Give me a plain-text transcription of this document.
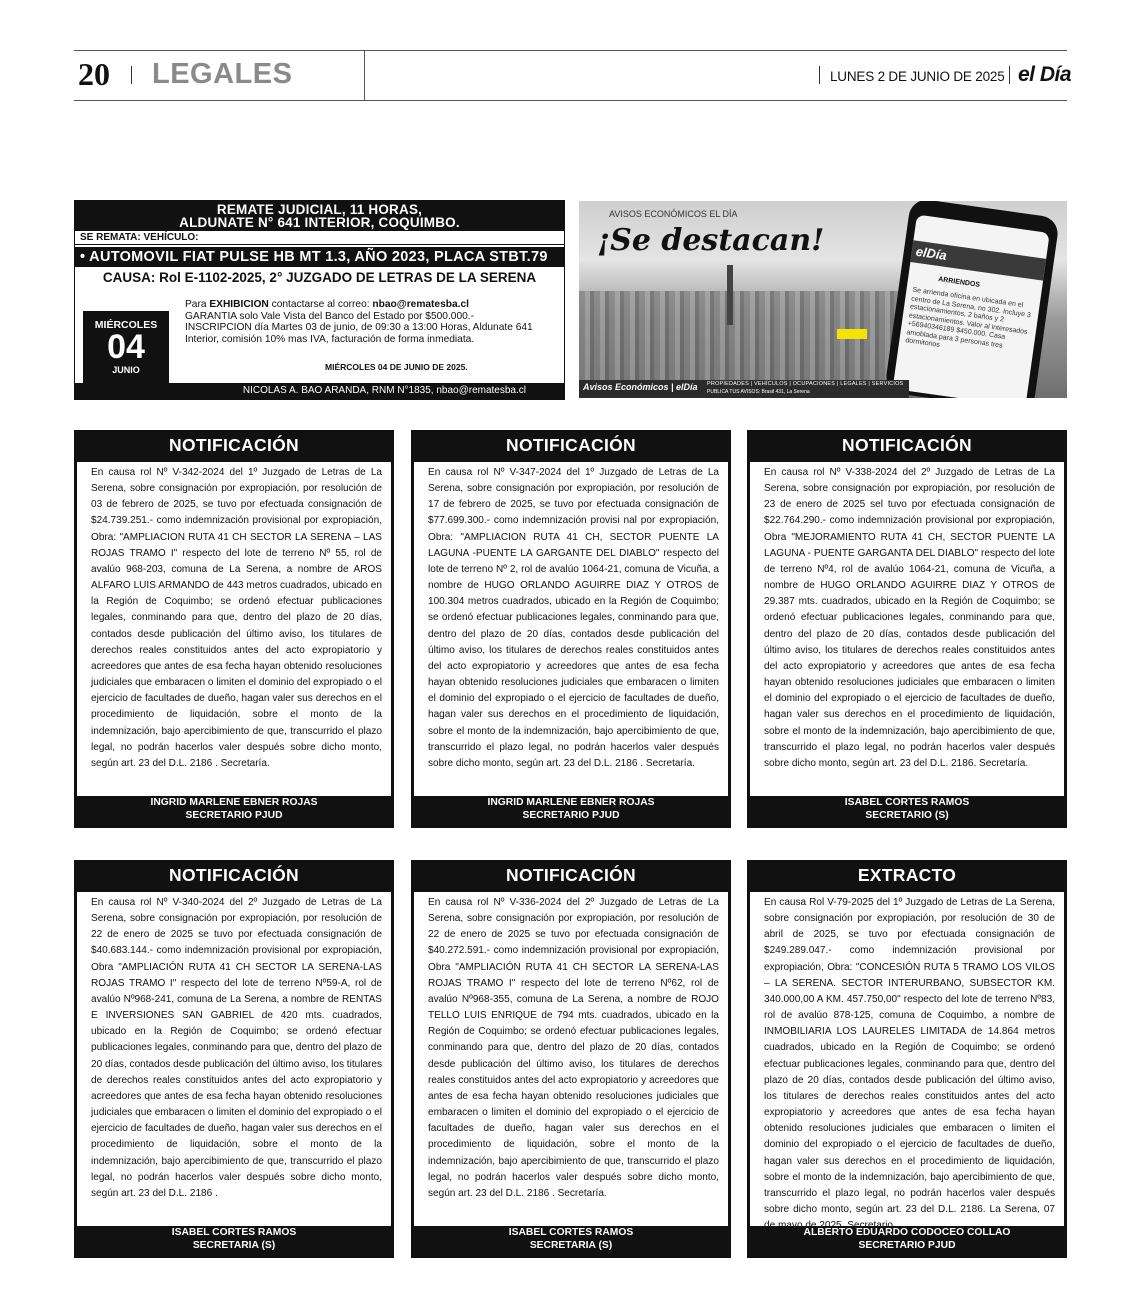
20 LEGALES	LUNES 2 DE JUNIO DE 2025 el Día
REMATE JUDICIAL, 11 HORAS,
ALDUNATE N° 641 INTERIOR, COQUIMBO.
SE REMATA: VEHÍCULO:
• AUTOMOVIL FIAT PULSE HB MT 1.3, AÑO 2023, PLACA STBT.79
CAUSA: Rol E-1102-2025, 2° JUZGADO DE LETRAS DE LA SERENA
MIÉRCOLES
04
JUNIO
Para EXHIBICION contactarse al correo: nbao@rematesba.cl
GARANTIA solo Vale Vista del Banco del Estado por $500.000.-
INSCRIPCION día Martes 03 de junio, de 09:30 a 13:00 Horas, Aldunate 641 Interior, comisión 10% mas IVA, facturación de forma inmediata.
MIÉRCOLES 04 DE JUNIO DE 2025.
NICOLAS A. BAO ARANDA, RNM N°1835, nbao@rematesba.cl
AVISOS ECONÓMICOS EL DÍA
¡Se destacan!	elDía
ARRIENDOS
Se arrienda oficina en ubicada en el centro de La Serena, no 302. Incluye 3 estacionamientos, 2 baños y 2 estacionamientos. Valor al interesados +56940346189 $450.000. Casa amoblada para 3 personas tres dormitorios
Avisos Económicos | elDía PROPIEDADES | VEHÍCULOS | OCUPACIONES | LEGALES | SERVICIOS
PUBLICA TUS AVISOS: Brasil 431, La Serena
NOTIFICACIÓN
En causa rol Nº V-342-2024 del 1º Juzgado de Letras de La Serena, sobre consignación por expropiación, por resolución de 03 de febrero de 2025, se tuvo por efectuada consignación de $24.739.251.- como indemnización provisional por expropiación, Obra: "AMPLIACION RUTA 41 CH SECTOR LA SERENA – LAS ROJAS TRAMO I" respecto del lote de terreno Nº 55, rol de avalúo 968-203, comuna de La Serena, a nombre de AROS ALFARO LUIS ARMANDO de 443 metros cuadrados, ubicado en la Región de Coquimbo; se ordenó efectuar publicaciones legales, conminando para que, dentro del plazo de 20 días, contados desde publicación del último aviso, los titulares de derechos reales constituidos antes del acto expropiatorio y acreedores que antes de esa fecha hayan obtenido resoluciones judiciales que embaracen o limiten el dominio del expropiado o el ejercicio de facultades de dueño, hagan valer sus derechos en el procedimiento de liquidación, sobre el monto de la indemnización, bajo apercibimiento de que, transcurrido el plazo legal, no podrán hacerlos valer después sobre dicho monto, según art. 23 del D.L. 2186 . Secretaría.
INGRID MARLENE EBNER ROJAS
SECRETARIO PJUD
NOTIFICACIÓN
En causa rol Nº V-347-2024 del 1º Juzgado de Letras de La Serena, sobre consignación por expropiación, por resolución de 17 de febrero de 2025, se tuvo por efectuada consignación de $77.699.300.- como indemnización provisi nal por expropiación, Obra: "AMPLIACION RUTA 41 CH, SECTOR PUENTE LA LAGUNA -PUENTE LA GARGANTE DEL DIABLO" respecto del lote de terreno Nº 2, rol de avalúo 1064-21, comuna de Vicuña, a nombre de HUGO ORLANDO AGUIRRE DIAZ Y OTROS de 100.304 metros cuadrados, ubicado en la Región de Coquimbo; se ordenó efectuar publicaciones legales, conminando para que, dentro del plazo de 20 días, contados desde publicación del último aviso, los titulares de derechos reales constituidos antes del acto expropiatorio y acreedores que antes de esa fecha hayan obtenido resoluciones judiciales que embaracen o limiten el dominio del expropiado o el ejercicio de facultades de dueño, hagan valer sus derechos en el procedimiento de liquidación, sobre el monto de la indemnización, bajo apercibimiento de que, transcurrido el plazo legal, no podrán hacerlos valer después sobre dicho monto, según art. 23 del D.L. 2186 . Secretaría.
INGRID MARLENE EBNER ROJAS
SECRETARIO PJUD
NOTIFICACIÓN
En causa rol Nº V-338-2024 del 2º Juzgado de Letras de La Serena, sobre consignación por expropiación, por resolución de 23 de enero de 2025 sel tuvo por efectuada consignación de $22.764.290.- como indemnización provisional por expropiación, Obra "MEJORAMIENTO RUTA 41 CH, SECTOR PUENTE LA LAGUNA - PUENTE GARGANTA DEL DIABLO" respecto del lote de terreno Nº4, rol de avalúo 1064-21, comuna de Vicuña, a nombre de HUGO ORLANDO AGUIRRE DIAZ Y OTROS de 29.387 mts. cuadrados, ubicado en la Región de Coquimbo; se ordenó efectuar publicaciones legales, conminando para que, dentro del plazo de 20 días, contados desde publicación del último aviso, los titulares de derechos reales constituidos antes del acto expropiatorio y acreedores que antes de esa fecha hayan obtenido resoluciones judiciales que embaracen o limiten el dominio del expropiado o el ejercicio de facultades de dueño, hagan valer sus derechos en el procedimiento de liquidación, sobre el monto de la indemnización, bajo apercibimiento de que, transcurrido el plazo legal, no podrán hacerlos valer después sobre dicho monto, según art. 23 del D.L. 2186. Secretaría.
ISABEL CORTES RAMOS
SECRETARIO (S)
NOTIFICACIÓN
En causa rol Nº V-340-2024 del 2º Juzgado de Letras de La Serena, sobre consignación por expropiación, por resolución de 22 de enero de 2025 se tuvo por efectuada consignación de $40.683.144.- como indemnización provisional por expropiación, Obra "AMPLIACIÓN RUTA 41 CH SECTOR LA SERENA-LAS ROJAS TRAMO I" respecto del lote de terreno Nº59-A, rol de avalúo Nº968-241, comuna de La Serena, a nombre de RENTAS E INVERSIONES SAN GABRIEL de 420 mts. cuadrados, ubicado en la Región de Coquimbo; se ordenó efectuar publicaciones legales, conminando para que, dentro del plazo de 20 días, contados desde publicación del último aviso, los titulares de derechos reales constituidos antes del acto expropiatorio y acreedores que antes de esa fecha hayan obtenido resoluciones judiciales que embaracen o limiten el dominio del expropiado o el ejercicio de facultades de dueño, hagan valer sus derechos en el procedimiento de liquidación, sobre el monto de la indemnización, bajo apercibimiento de que, transcurrido el plazo legal, no podrán hacerlos valer después sobre dicho monto, según art. 23 del D.L. 2186 .
ISABEL CORTES RAMOS
SECRETARIA (S)
NOTIFICACIÓN
En causa rol Nº V-336-2024 del 2º Juzgado de Letras de La Serena, sobre consignación por expropiación, por resolución de 22 de enero de 2025 se tuvo por efectuada consignación de $40.272.591.- como indemnización provisional por expropiación, Obra "AMPLIACIÓN RUTA 41 CH SECTOR LA SERENA-LAS ROJAS TRAMO I" respecto del lote de terreno Nº62, rol de avalúo Nº968-355, comuna de La Serena, a nombre de ROJO TELLO LUIS ENRIQUE de 794 mts. cuadrados, ubicado en la Región de Coquimbo; se ordenó efectuar publicaciones legales, conminando para que, dentro del plazo de 20 días, contados desde publicación del último aviso, los titulares de derechos reales constituidos antes del acto expropiatorio y acreedores que antes de esa fecha hayan obtenido resoluciones judiciales que embaracen o limiten el dominio del expropiado o el ejercicio de facultades de dueño, hagan valer sus derechos en el procedimiento de liquidación, sobre el monto de la indemnización, bajo apercibimiento de que, transcurrido el plazo legal, no podrán hacerlos valer después sobre dicho monto, según art. 23 del D.L. 2186 . Secretaría.
ISABEL CORTES RAMOS
SECRETARIA (S)
EXTRACTO
En causa Rol V-79-2025 del 1º Juzgado de Letras de La Serena, sobre consignación por expropiación, por resolución de 30 de abril de 2025, se tuvo por efectuada consignación de $249.289.047.- como indemnización provisional por expropiación, Obra: "CONCESIÓN RUTA 5 TRAMO LOS VILOS – LA SERENA. SECTOR INTERURBANO, SUBSECTOR KM. 340.000,00 A KM. 457.750,00" respecto del lote de terreno Nº83, rol de avalúo 878-125, comuna de Coquimbo, a nombre de INMOBILIARIA LOS LAURELES LIMITADA de 14.864 metros cuadrados, ubicado en la Región de Coquimbo; se ordenó efectuar publicaciones legales, conminando para que, dentro del plazo de 20 días, contados desde publicación del último aviso, los titulares de derechos reales constituidos antes del acto expropiatorio y acreedores que antes de esa fecha hayan obtenido resoluciones judiciales que embaracen o limiten el dominio del expropiado o el ejercicio de facultades de dueño, hagan valer sus derechos en el procedimiento de liquidación, sobre el monto de la indemnización, bajo apercibimiento de que, transcurrido el plazo legal, no podrán hacerlos valer después sobre dicho monto, según art. 23 del D.L. 2186. La Serena, 07 de mayo de 2025. Secretario
ALBERTO EDUARDO CODOCEO COLLAO
SECRETARIO PJUD
